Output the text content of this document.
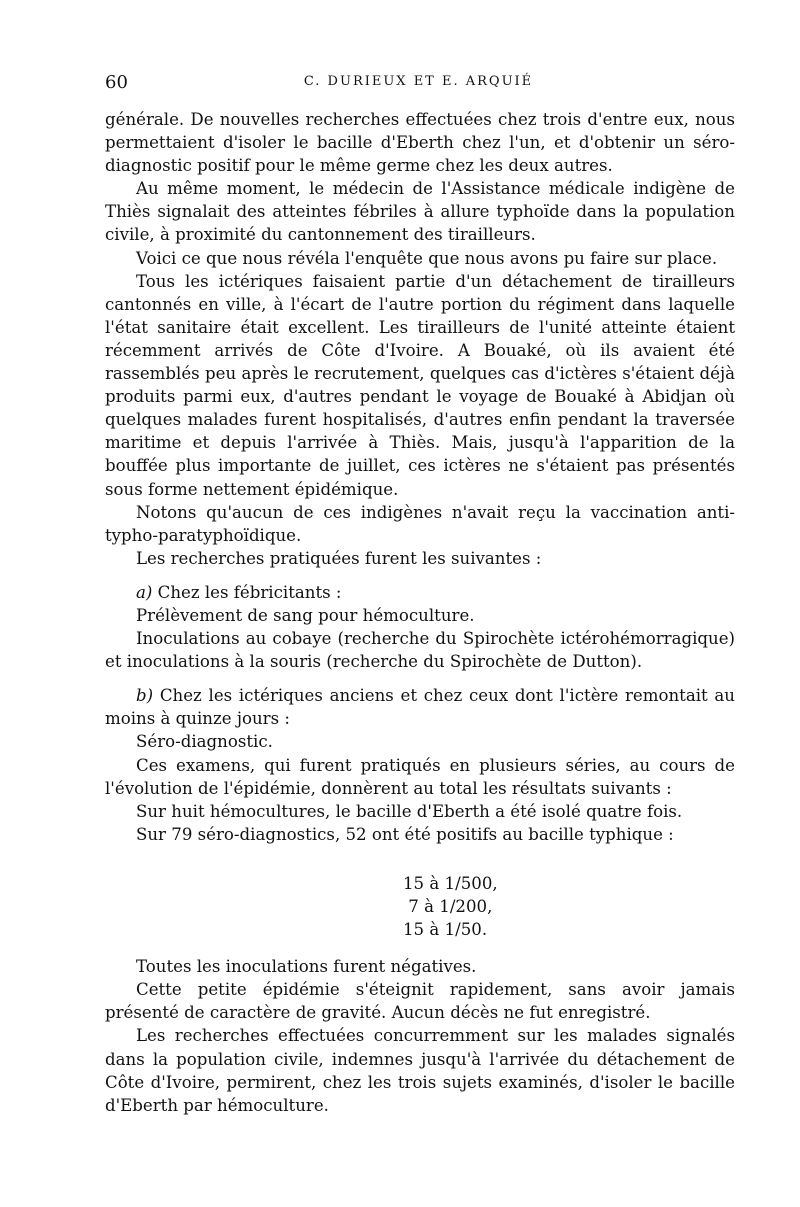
60	C. DURIEUX ET E. ARQUIÉ

générale. De nouvelles recherches effectuées chez trois d'entre eux, nous permettaient d'isoler le bacille d'Eberth chez l'un, et d'obtenir un séro-diagnostic positif pour le même germe chez les deux autres.

Au même moment, le médecin de l'Assistance médicale indigène de Thiès signalait des atteintes fébriles à allure typhoïde dans la population civile, à proximité du cantonnement des tirailleurs.

Voici ce que nous révéla l'enquête que nous avons pu faire sur place.

Tous les ictériques faisaient partie d'un détachement de tirailleurs cantonnés en ville, à l'écart de l'autre portion du régiment dans laquelle l'état sanitaire était excellent. Les tirailleurs de l'unité atteinte étaient récemment arrivés de Côte d'Ivoire. A Bouaké, où ils avaient été rassemblés peu après le recrutement, quelques cas d'ictères s'étaient déjà produits parmi eux, d'autres pendant le voyage de Bouaké à Abidjan où quelques malades furent hospitalisés, d'autres enfin pendant la traversée maritime et depuis l'arrivée à Thiès. Mais, jusqu'à l'apparition de la bouffée plus importante de juillet, ces ictères ne s'étaient pas présentés sous forme nettement épidémique.

Notons qu'aucun de ces indigènes n'avait reçu la vaccination anti-typho-paratyphoïdique.

Les recherches pratiquées furent les suivantes :

a) Chez les fébricitants :

Prélèvement de sang pour hémoculture.

Inoculations au cobaye (recherche du Spirochète ictérohémorragique) et inoculations à la souris (recherche du Spirochète de Dutton).

b) Chez les ictériques anciens et chez ceux dont l'ictère remontait au moins à quinze jours :

Séro-diagnostic.

Ces examens, qui furent pratiqués en plusieurs séries, au cours de l'évolution de l'épidémie, donnèrent au total les résultats suivants :

Sur huit hémocultures, le bacille d'Eberth a été isolé quatre fois.

Sur 79 séro-diagnostics, 52 ont été positifs au bacille typhique :

15 à 1/500,
7 à 1/200,
15 à 1/50.

Toutes les inoculations furent négatives.

Cette petite épidémie s'éteignit rapidement, sans avoir jamais présenté de caractère de gravité. Aucun décès ne fut enregistré.

Les recherches effectuées concurremment sur les malades signalés dans la population civile, indemnes jusqu'à l'arrivée du détachement de Côte d'Ivoire, permirent, chez les trois sujets examinés, d'isoler le bacille d'Eberth par hémoculture.
